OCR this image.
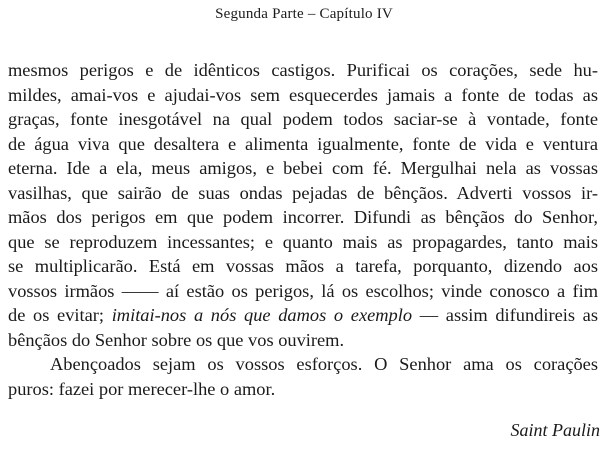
Segunda Parte – Capítulo IV
mesmos perigos e de idênticos castigos. Purificai os corações, sede hu-
mildes, amai-vos e ajudai-vos sem esquecerdes jamais a fonte de todas as
graças, fonte inesgotável na qual podem todos saciar-se à vontade, fonte
de água viva que desaltera e alimenta igualmente, fonte de vida e ventura
eterna. Ide a ela, meus amigos, e bebei com fé. Mergulhai nela as vossas
vasilhas, que sairão de suas ondas pejadas de bênçãos. Adverti vossos ir-
mãos dos perigos em que podem incorrer. Difundi as bênçãos do Senhor,
que se reproduzem incessantes; e quanto mais as propagardes, tanto mais
se multiplicarão. Está em vossas mãos a tarefa, porquanto, dizendo aos
vossos irmãos —— aí estão os perigos, lá os escolhos; vinde conosco a fim
de os evitar; imitai-nos a nós que damos o exemplo — assim difundireis as
bênçãos do Senhor sobre os que vos ouvirem.
Abençoados sejam os vossos esforços. O Senhor ama os corações
puros: fazei por merecer-lhe o amor.
Saint Paulin
